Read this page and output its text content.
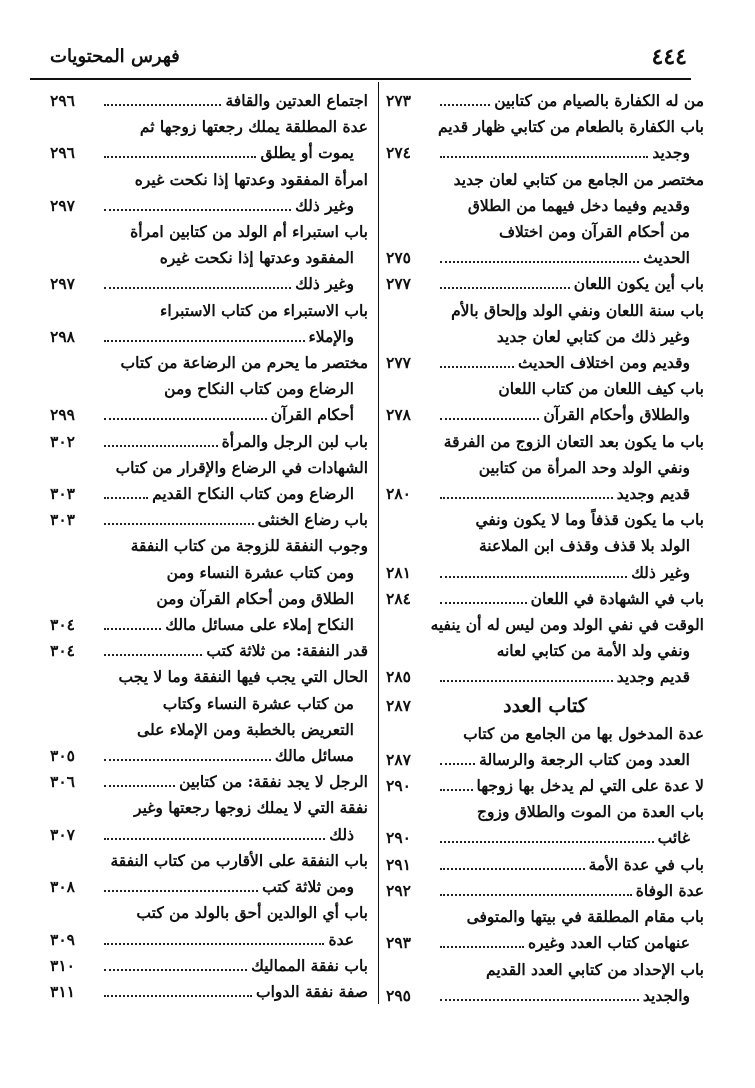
٤٤٤
فهرس المحتويات
من له الكفارة بالصيام من كتابين
٢٧٣
باب الكفارة بالطعام من كتابي ظهار قديم
وجديد
٢٧٤
مختصر من الجامع من كتابي لعان جديد
وقديم وفيما دخل فيهما من الطلاق
من أحكام القرآن ومن اختلاف
الحديث
٢٧٥
باب أين يكون اللعان
٢٧٧
باب سنة اللعان ونفي الولد وإلحاق بالأم
وغير ذلك من كتابي لعان جديد
وقديم ومن اختلاف الحديث
٢٧٧
باب كيف اللعان من كتاب اللعان
والطلاق وأحكام القرآن
٢٧٨
باب ما يكون بعد التعان الزوج من الفرقة
ونفي الولد وحد المرأة من كتابين
قديم وجديد
٢٨٠
باب ما يكون قذفاً وما لا يكون ونفي
الولد بلا قذف وقذف ابن الملاعنة
وغير ذلك
٢٨١
باب في الشهادة في اللعان
٢٨٤
الوقت في نفي الولد ومن ليس له أن ينفيه
ونفي ولد الأمة من كتابي لعانه
قديم وجديد
٢٨٥
كتاب العدد
٢٨٧
عدة المدخول بها من الجامع من كتاب
العدد ومن كتاب الرجعة والرسالة
٢٨٧
لا عدة على التي لم يدخل بها زوجها
٢٩٠
باب العدة من الموت والطلاق وزوج
غائب
٢٩٠
باب في عدة الأمة
٢٩١
عدة الوفاة
٢٩٢
باب مقام المطلقة في بيتها والمتوفى
عنهامن كتاب العدد وغيره
٢٩٣
باب الإحداد من كتابي العدد القديم
والجديد
٢٩٥
اجتماع العدتين والقافة
٢٩٦
عدة المطلقة يملك رجعتها زوجها ثم
يموت أو يطلق
٢٩٦
امرأة المفقود وعدتها إذا نكحت غيره
وغير ذلك
٢٩٧
باب استبراء أم الولد من كتابين امرأة
المفقود وعدتها إذا نكحت غيره
وغير ذلك
٢٩٧
باب الاستبراء من كتاب الاستبراء
والإملاء
٢٩٨
مختصر ما يحرم من الرضاعة من كتاب
الرضاع ومن كتاب النكاح ومن
أحكام القرآن
٢٩٩
باب لبن الرجل والمرأة
٣٠٢
الشهادات في الرضاع والإقرار من كتاب
الرضاع ومن كتاب النكاح القديم
٣٠٣
باب رضاع الخنثى
٣٠٣
وجوب النفقة للزوجة من كتاب النفقة
ومن كتاب عشرة النساء ومن
الطلاق ومن أحكام القرآن ومن
النكاح إملاء على مسائل مالك
٣٠٤
قدر النفقة: من ثلاثة كتب
٣٠٤
الحال التي يجب فيها النفقة وما لا يجب
من كتاب عشرة النساء وكتاب
التعريض بالخطبة ومن الإملاء على
مسائل مالك
٣٠٥
الرجل لا يجد نفقة: من كتابين
٣٠٦
نفقة التي لا يملك زوجها رجعتها وغير
ذلك
٣٠٧
باب النفقة على الأقارب من كتاب النفقة
ومن ثلاثة كتب
٣٠٨
باب أي الوالدين أحق بالولد من كتب
عدة
٣٠٩
باب نفقة المماليك
٣١٠
صفة نفقة الدواب
٣١١
